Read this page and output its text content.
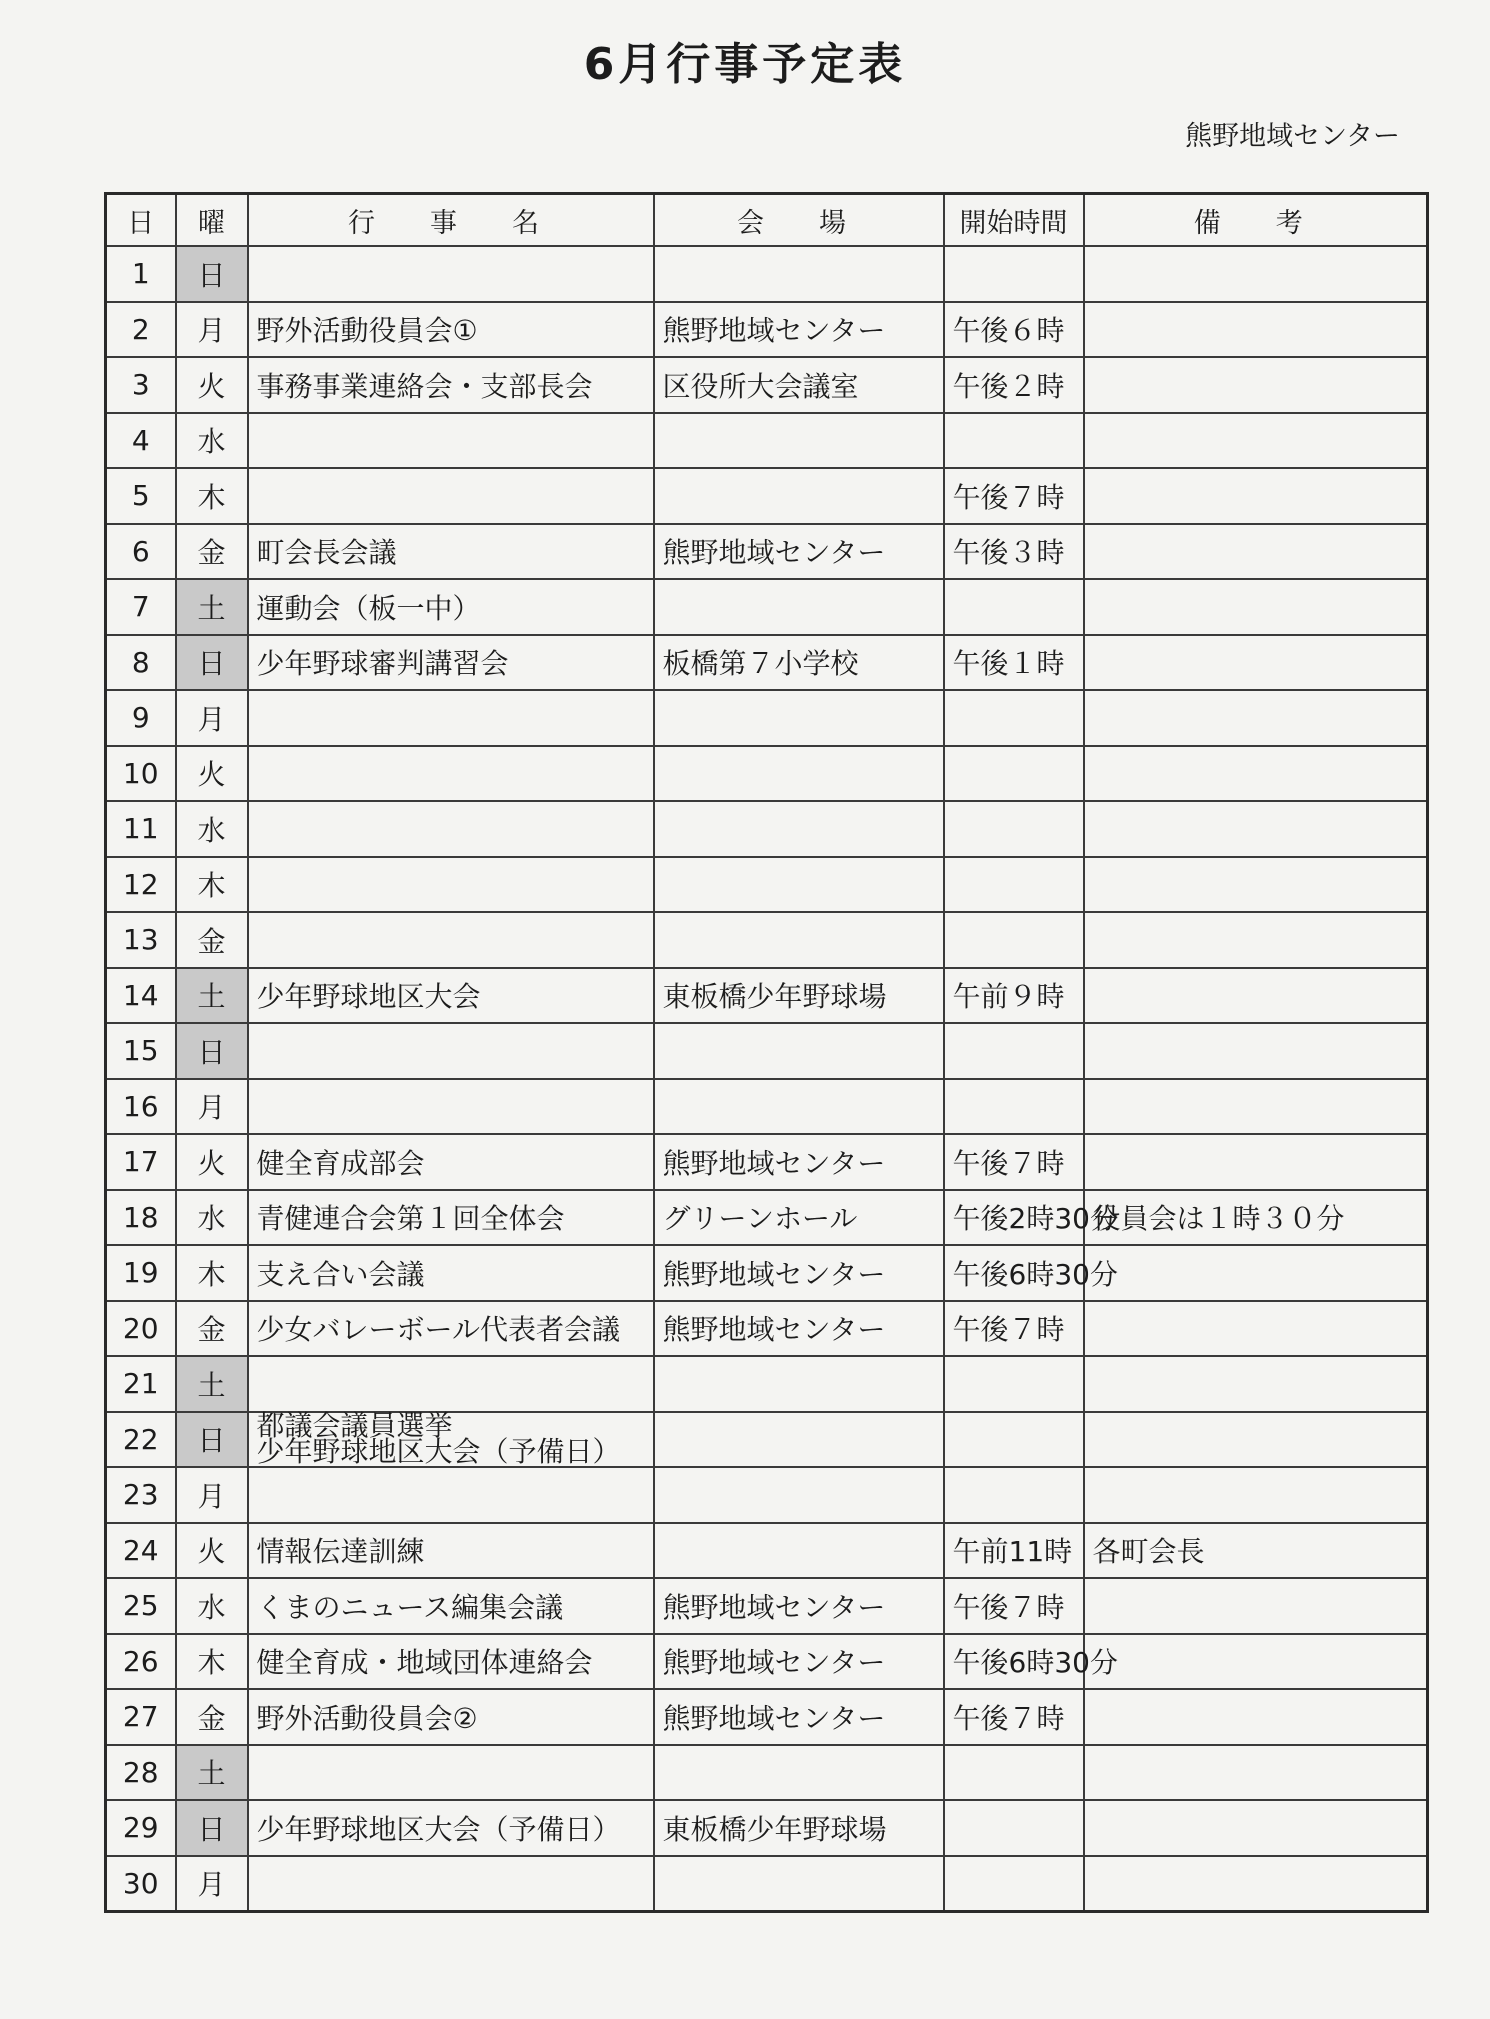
6月行事予定表
熊野地域センター
日	曜	行　事　名	会　場	開始時間	備　考
1	日				
2	月	野外活動役員会①	熊野地域センター	午後６時	
3	火	事務事業連絡会・支部長会	区役所大会議室	午後２時	
4	水				
5	木			午後７時	
6	金	町会長会議	熊野地域センター	午後３時	
7	土	運動会（板一中）			
8	日	少年野球審判講習会	板橋第７小学校	午後１時	
9	月				
10	火				
11	水				
12	木				
13	金				
14	土	少年野球地区大会	東板橋少年野球場	午前９時	
15	日				
16	月				
17	火	健全育成部会	熊野地域センター	午後７時	
18	水	青健連合会第１回全体会	グリーンホール	午後2時30分	役員会は１時３０分
19	木	支え合い会議	熊野地域センター	午後6時30分	
20	金	少女バレーボール代表者会議	熊野地域センター	午後７時	
21	土				
22	日	都議会議員選挙
少年野球地区大会（予備日）			

23	月				
24	火	情報伝達訓練		午前11時	各町会長
25	水	くまのニュース編集会議	熊野地域センター	午後７時	
26	木	健全育成・地域団体連絡会	熊野地域センター	午後6時30分	
27	金	野外活動役員会②	熊野地域センター	午後７時	
28	土				
29	日	少年野球地区大会（予備日）	東板橋少年野球場		
30	月				
